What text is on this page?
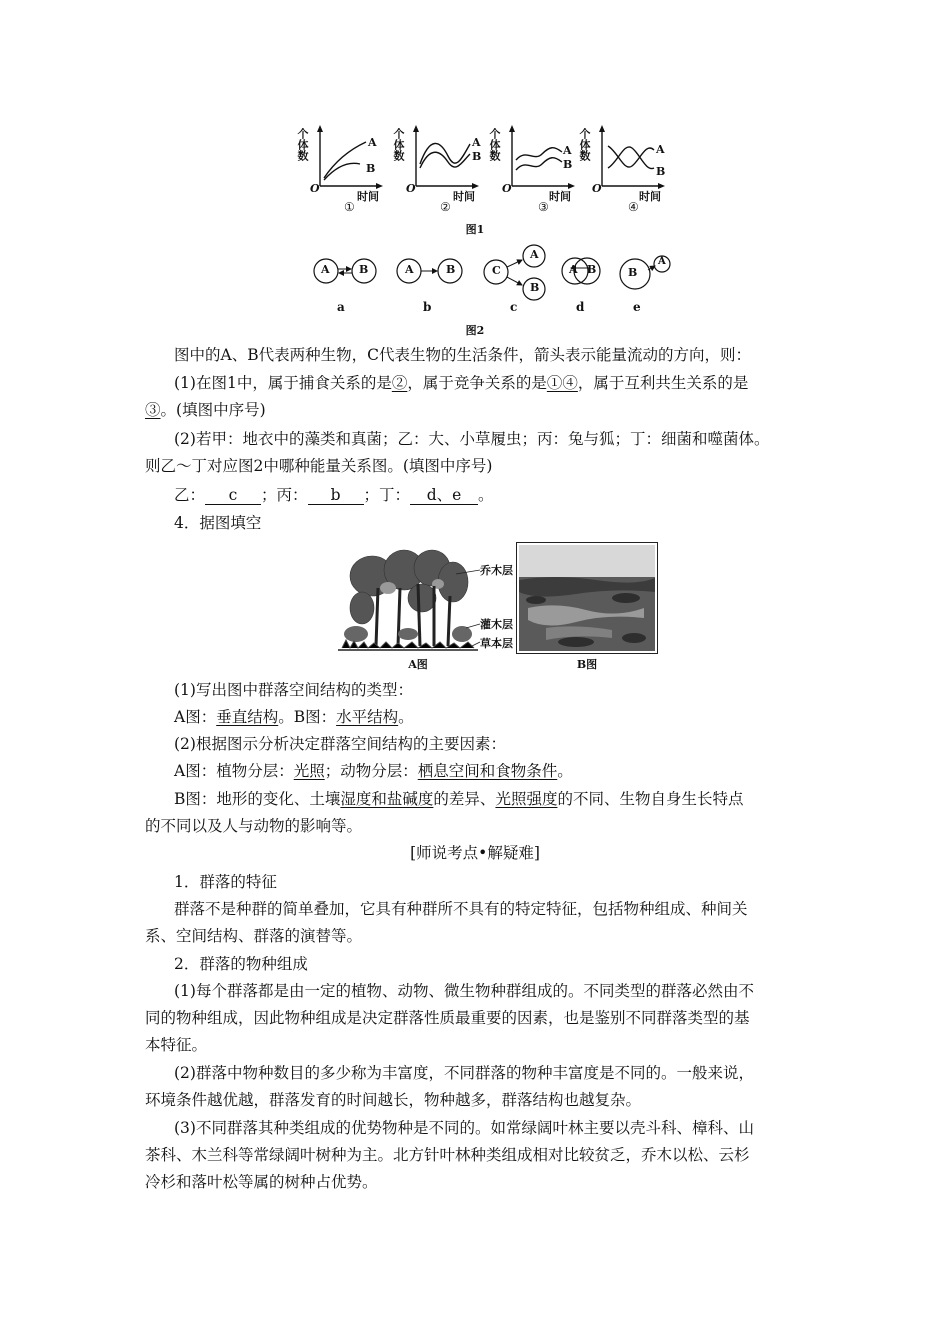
个体数	个体数	个体数	个体数
O	O	O	O
时间	时间	时间	时间
A
B
A
B	A
B
A
B
①	②	③	④
图1
A	B	A	B	C
A
B
A B	B
A
a	b	c	d	e
图2
图中的A、B代表两种生物，C代表生物的生活条件，箭头表示能量流动的方向，则：
(1)在图1中，属于捕食关系的是②，属于竞争关系的是①④，属于互利共生关系的是
③。(填图中序号)
(2)若甲：地衣中的藻类和真菌；乙：大、小草履虫；丙：兔与狐；丁：细菌和噬菌体。
则乙～丁对应图2中哪种能量关系图。(填图中序号)
乙： c ；丙： b ；丁： d、e 。
4．据图填空
乔木层
灌木层
草本层
A图	B图
(1)写出图中群落空间结构的类型：
A图：垂直结构。B图：水平结构。
(2)根据图示分析决定群落空间结构的主要因素：
A图：植物分层：光照；动物分层：栖息空间和食物条件。
B图：地形的变化、土壤湿度和盐碱度的差异、光照强度的不同、生物自身生长特点
的不同以及人与动物的影响等。
[师说考点•解疑难]
1．群落的特征
群落不是种群的简单叠加，它具有种群所不具有的特定特征，包括物种组成、种间关
系、空间结构、群落的演替等。
2．群落的物种组成
(1)每个群落都是由一定的植物、动物、微生物种群组成的。不同类型的群落必然由不
同的物种组成，因此物种组成是决定群落性质最重要的因素，也是鉴别不同群落类型的基
本特征。
(2)群落中物种数目的多少称为丰富度，不同群落的物种丰富度是不同的。一般来说，
环境条件越优越，群落发育的时间越长，物种越多，群落结构也越复杂。
(3)不同群落其种类组成的优势物种是不同的。如常绿阔叶林主要以壳斗科、樟科、山
茶科、木兰科等常绿阔叶树种为主。北方针叶林种类组成相对比较贫乏，乔木以松、云杉
冷杉和落叶松等属的树种占优势。
